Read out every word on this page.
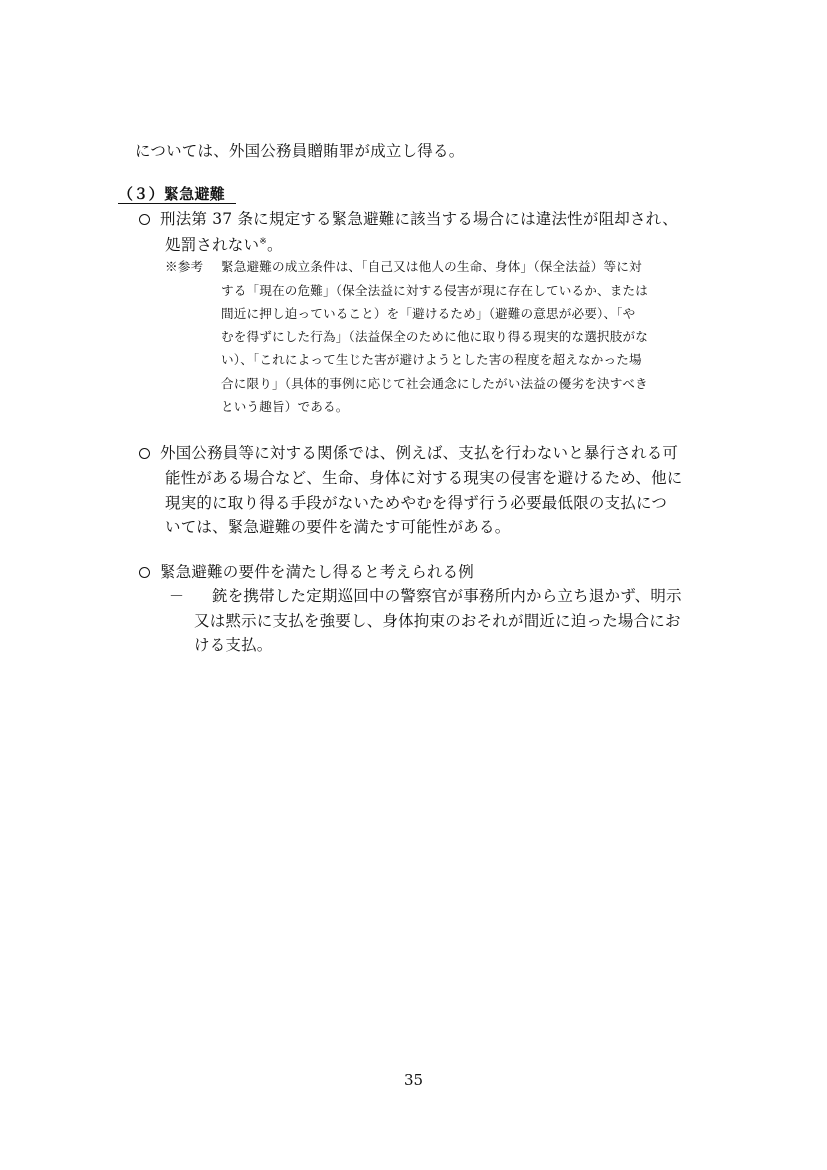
については、外国公務員贈賄罪が成立し得る。
（３）緊急避難
刑法第 37 条に規定する緊急避難に該当する場合には違法性が阻却され、
処罰されない※。
※参考 緊急避難の成立条件は、「自己又は他人の生命、身体」（保全法益）等に対
する「現在の危難」（保全法益に対する侵害が現に存在しているか、または
間近に押し迫っていること）を「避けるため」（避難の意思が必要）、「や
むを得ずにした行為」（法益保全のために他に取り得る現実的な選択肢がな
い）、「これによって生じた害が避けようとした害の程度を超えなかった場
合に限り」（具体的事例に応じて社会通念にしたがい法益の優劣を決すべき
という趣旨）である。
外国公務員等に対する関係では、例えば、支払を行わないと暴行される可
能性がある場合など、生命、身体に対する現実の侵害を避けるため、他に
現実的に取り得る手段がないためやむを得ず行う必要最低限の支払につ
いては、緊急避難の要件を満たす可能性がある。
緊急避難の要件を満たし得ると考えられる例
－ 銃を携帯した定期巡回中の警察官が事務所内から立ち退かず、明示
又は黙示に支払を強要し、身体拘束のおそれが間近に迫った場合にお
ける支払。
35
